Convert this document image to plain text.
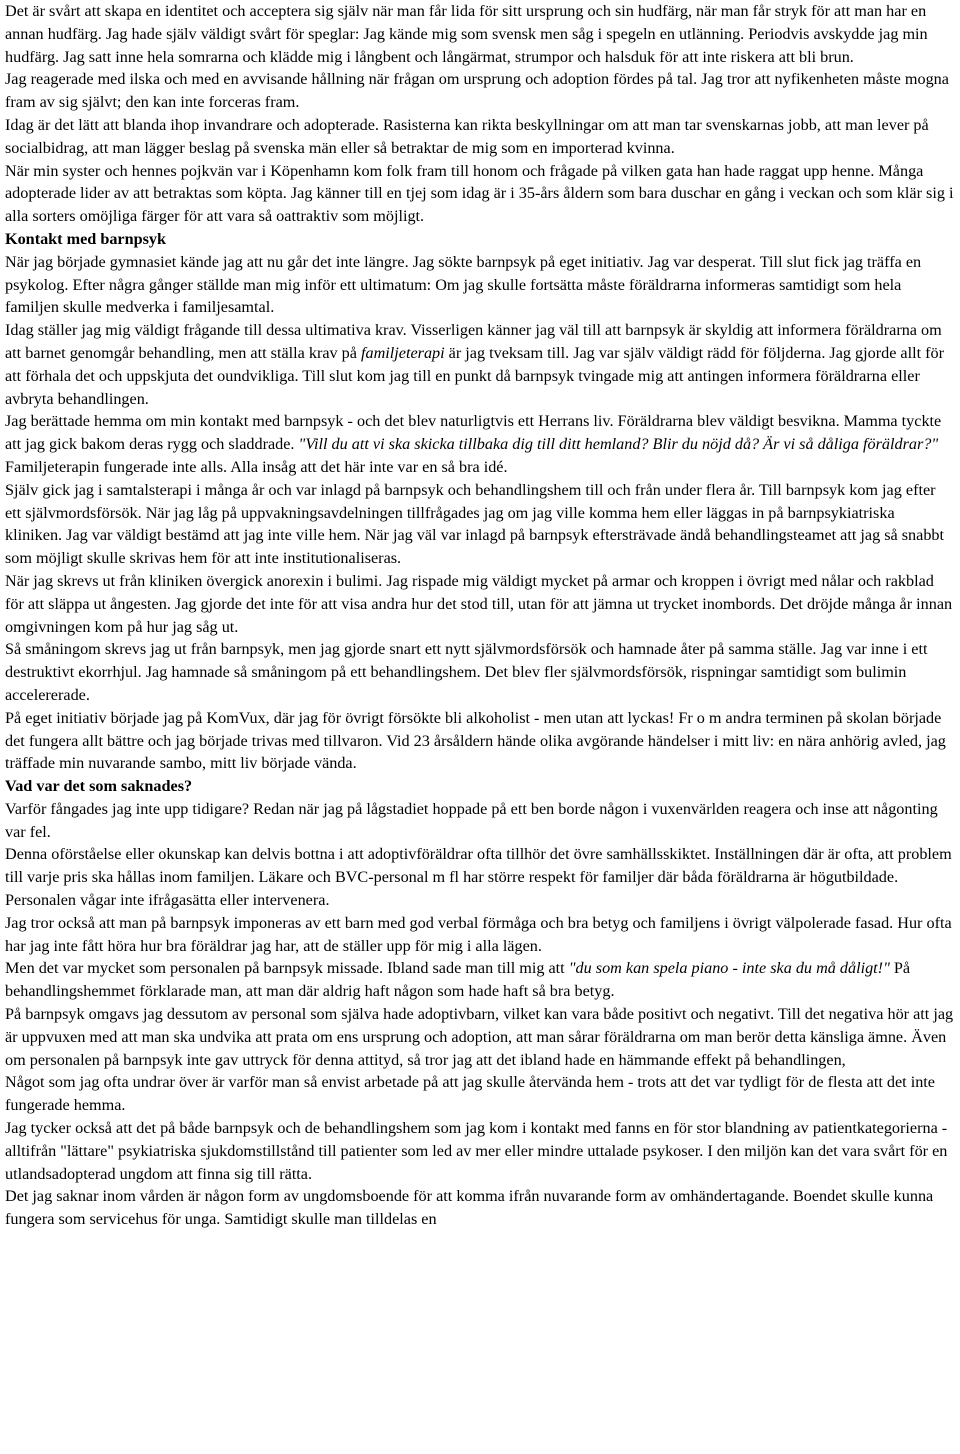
Det är svårt att skapa en identitet och acceptera sig själv när man får lida för sitt ursprung och sin hudfärg, när man får stryk för att man har en annan hudfärg. Jag hade själv väldigt svårt för speglar: Jag kände mig som svensk men såg i spegeln en utlänning. Periodvis avskydde jag min hudfärg. Jag satt inne hela somrarna och klädde mig i långbent och långärmat, strumpor och halsduk för att inte riskera att bli brun.

Jag reagerade med ilska och med en avvisande hållning när frågan om ursprung och adoption fördes på tal. Jag tror att nyfikenheten måste mogna fram av sig självt; den kan inte forceras fram.

Idag är det lätt att blanda ihop invandrare och adopterade. Rasisterna kan rikta beskyllningar om att man tar svenskarnas jobb, att man lever på socialbidrag, att man lägger beslag på svenska män eller så betraktar de mig som en importerad kvinna.

När min syster och hennes pojkvän var i Köpenhamn kom folk fram till honom och frågade på vilken gata han hade raggat upp henne. Många adopterade lider av att betraktas som köpta. Jag känner till en tjej som idag är i 35-års åldern som bara duschar en gång i veckan och som klär sig i alla sorters omöjliga färger för att vara så oattraktiv som möjligt.

Kontakt med barnpsyk

När jag började gymnasiet kände jag att nu går det inte längre. Jag sökte barnpsyk på eget initiativ. Jag var desperat. Till slut fick jag träffa en psykolog. Efter några gånger ställde man mig inför ett ultimatum: Om jag skulle fortsätta måste föräldrarna informeras samtidigt som hela familjen skulle medverka i familjesamtal.

Idag ställer jag mig väldigt frågande till dessa ultimativa krav. Visserligen känner jag väl till att barnpsyk är skyldig att informera föräldrarna om att barnet genomgår behandling, men att ställa krav på familjeterapi är jag tveksam till. Jag var själv väldigt rädd för följderna. Jag gjorde allt för att förhala det och uppskjuta det oundvikliga. Till slut kom jag till en punkt då barnpsyk tvingade mig att antingen informera föräldrarna eller avbryta behandlingen.

Jag berättade hemma om min kontakt med barnpsyk - och det blev naturligtvis ett Herrans liv. Föräldrarna blev väldigt besvikna. Mamma tyckte att jag gick bakom deras rygg och sladdrade. "Vill du att vi ska skicka tillbaka dig till ditt hemland? Blir du nöjd då? Är vi så dåliga föräldrar?" Familjeterapin fungerade inte alls. Alla insåg att det här inte var en så bra idé.

Själv gick jag i samtalsterapi i många år och var inlagd på barnpsyk och behandlingshem till och från under flera år. Till barnpsyk kom jag efter ett självmordsförsök. När jag låg på uppvakningsavdelningen tillfrågades jag om jag ville komma hem eller läggas in på barnpsykiatriska kliniken. Jag var väldigt bestämd att jag inte ville hem. När jag väl var inlagd på barnpsyk eftersträvade ändå behandlingsteamet att jag så snabbt som möjligt skulle skrivas hem för att inte institutionaliseras.

När jag skrevs ut från kliniken övergick anorexin i bulimi. Jag rispade mig väldigt mycket på armar och kroppen i övrigt med nålar och rakblad för att släppa ut ångesten. Jag gjorde det inte för att visa andra hur det stod till, utan för att jämna ut trycket inombords. Det dröjde många år innan omgivningen kom på hur jag såg ut.

Så småningom skrevs jag ut från barnpsyk, men jag gjorde snart ett nytt självmordsförsök och hamnade åter på samma ställe. Jag var inne i ett destruktivt ekorrhjul. Jag hamnade så småningom på ett behandlingshem. Det blev fler självmordsförsök, rispningar samtidigt som bulimin accelererade.

På eget initiativ började jag på KomVux, där jag för övrigt försökte bli alkoholist - men utan att lyckas! Fr o m andra terminen på skolan började det fungera allt bättre och jag började trivas med tillvaron. Vid 23 årsåldern hände olika avgörande händelser i mitt liv: en nära anhörig avled, jag träffade min nuvarande sambo, mitt liv började vända.

Vad var det som saknades?

Varför fångades jag inte upp tidigare? Redan när jag på lågstadiet hoppade på ett ben borde någon i vuxenvärlden reagera och inse att någonting var fel.

Denna oförståelse eller okunskap kan delvis bottna i att adoptivföräldrar ofta tillhör det övre samhällsskiktet. Inställningen där är ofta, att problem till varje pris ska hållas inom familjen. Läkare och BVC-personal m fl har större respekt för familjer där båda föräldrarna är högutbildade. Personalen vågar inte ifrågasätta eller intervenera.

Jag tror också att man på barnpsyk imponeras av ett barn med god verbal förmåga och bra betyg och familjens i övrigt välpolerade fasad. Hur ofta har jag inte fått höra hur bra föräldrar jag har, att de ställer upp för mig i alla lägen.

Men det var mycket som personalen på barnpsyk missade. Ibland sade man till mig att "du som kan spela piano - inte ska du må dåligt!" På behandlingshemmet förklarade man, att man där aldrig haft någon som hade haft så bra betyg.

På barnpsyk omgavs jag dessutom av personal som själva hade adoptivbarn, vilket kan vara både positivt och negativt. Till det negativa hör att jag är uppvuxen med att man ska undvika att prata om ens ursprung och adoption, att man sårar föräldrarna om man berör detta känsliga ämne. Även om personalen på barnpsyk inte gav uttryck för denna attityd, så tror jag att det ibland hade en hämmande effekt på behandlingen,

Något som jag ofta undrar över är varför man så envist arbetade på att jag skulle återvända hem - trots att det var tydligt för de flesta att det inte fungerade hemma.

Jag tycker också att det på både barnpsyk och de behandlingshem som jag kom i kontakt med fanns en för stor blandning av patientkategorierna - alltifrån "lättare" psykiatriska sjukdomstillstånd till patienter som led av mer eller mindre uttalade psykoser. I den miljön kan det vara svårt för en utlandsadopterad ungdom att finna sig till rätta.

Det jag saknar inom vården är någon form av ungdomsboende för att komma ifrån nuvarande form av omhändertagande. Boendet skulle kunna fungera som servicehus för unga. Samtidigt skulle man tilldelas en
